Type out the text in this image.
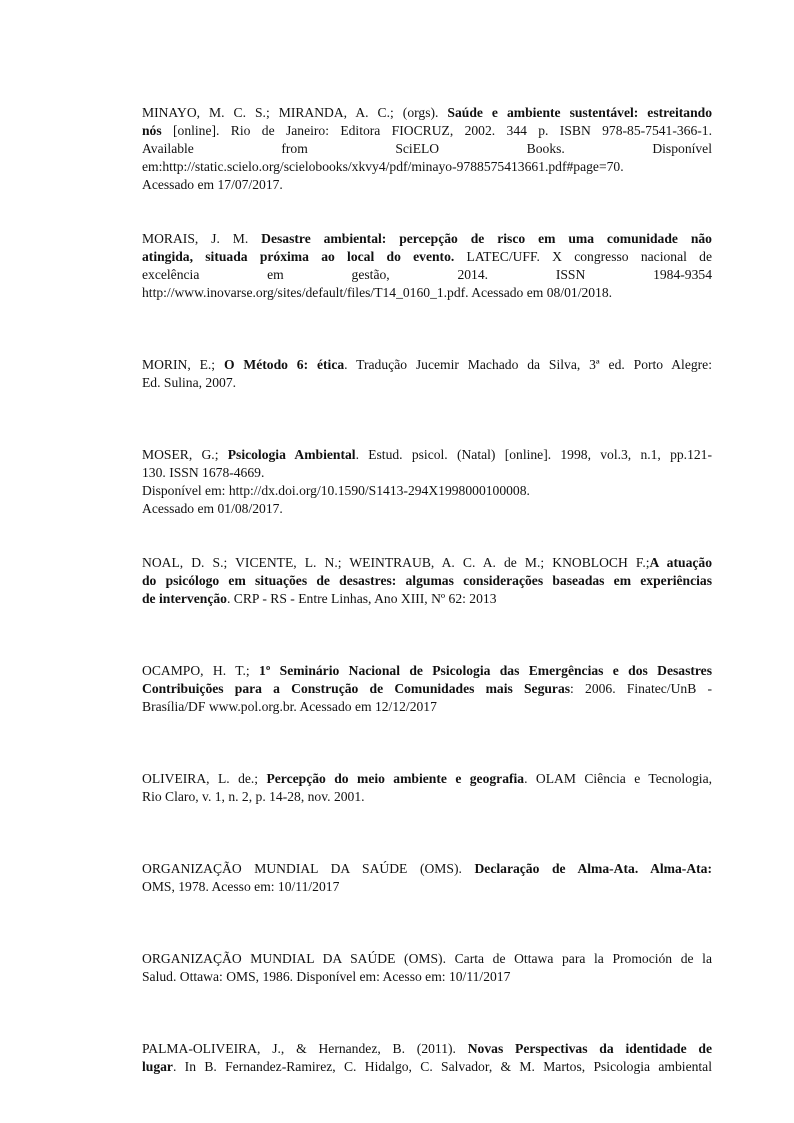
MINAYO, M. C. S.; MIRANDA, A. C.; (orgs). Saúde e ambiente sustentável: estreitando
nós [online]. Rio de Janeiro: Editora FIOCRUZ, 2002. 344 p. ISBN 978-85-7541-366-1.
Available from SciELO Books. Disponível
em:http://static.scielo.org/scielobooks/xkvy4/pdf/minayo-9788575413661.pdf#page=70.
Acessado em 17/07/2017.
MORAIS, J. M. Desastre ambiental: percepção de risco em uma comunidade não
atingida, situada próxima ao local do evento. LATEC/UFF. X congresso nacional de
excelência em gestão, 2014. ISSN 1984-9354
http://www.inovarse.org/sites/default/files/T14_0160_1.pdf. Acessado em 08/01/2018.
MORIN, E.; O Método 6: ética. Tradução Jucemir Machado da Silva, 3ª ed. Porto Alegre:
Ed. Sulina, 2007.
MOSER, G.; Psicologia Ambiental. Estud. psicol. (Natal) [online]. 1998, vol.3, n.1, pp.121-
130. ISSN 1678-4669.
Disponível em: http://dx.doi.org/10.1590/S1413-294X1998000100008.
Acessado em 01/08/2017.
NOAL, D. S.; VICENTE, L. N.; WEINTRAUB, A. C. A. de M.; KNOBLOCH F.;A atuação
do psicólogo em situações de desastres: algumas considerações baseadas em experiências
de intervenção. CRP - RS - Entre Linhas, Ano XIII, Nº 62: 2013
OCAMPO, H. T.; 1º Seminário Nacional de Psicologia das Emergências e dos Desastres
Contribuições para a Construção de Comunidades mais Seguras: 2006. Finatec/UnB -
Brasília/DF www.pol.org.br. Acessado em 12/12/2017
OLIVEIRA, L. de.; Percepção do meio ambiente e geografia. OLAM Ciência e Tecnologia,
Rio Claro, v. 1, n. 2, p. 14-28, nov. 2001.
ORGANIZAÇÃO MUNDIAL DA SAÚDE (OMS). Declaração de Alma-Ata. Alma-Ata:
OMS, 1978. Acesso em: 10/11/2017
ORGANIZAÇÃO MUNDIAL DA SAÚDE (OMS). Carta de Ottawa para la Promoción de la
Salud. Ottawa: OMS, 1986. Disponível em: Acesso em: 10/11/2017
PALMA-OLIVEIRA, J., & Hernandez, B. (2011). Novas Perspectivas da identidade de
lugar. In B. Fernandez-Ramirez, C. Hidalgo, C. Salvador, & M. Martos, Psicologia ambiental
